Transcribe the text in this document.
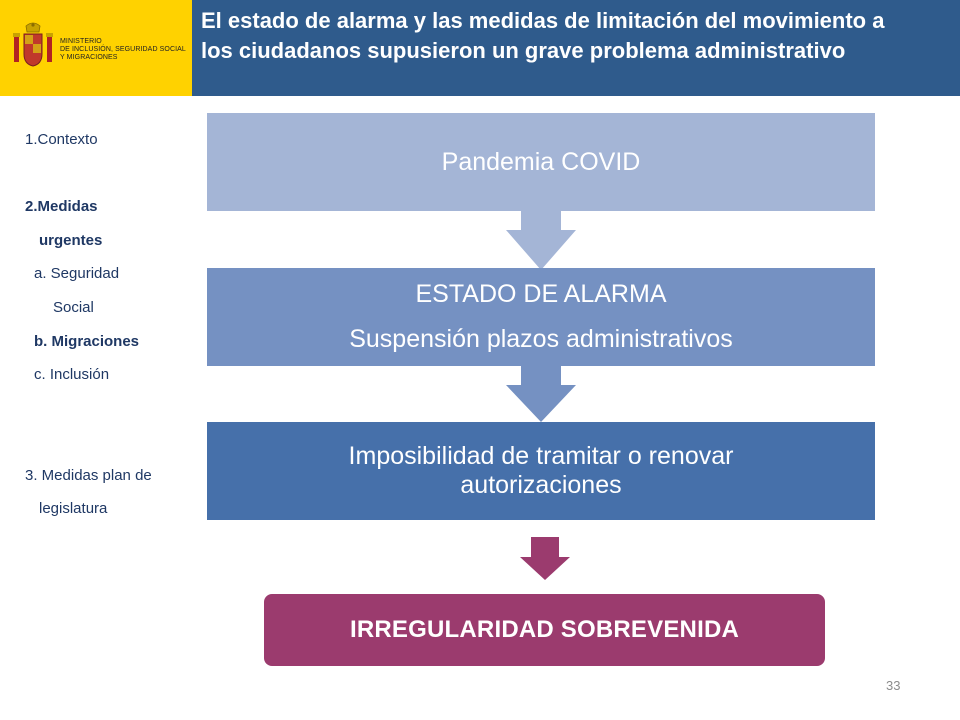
MINISTERIO
DE INCLUSIÓN, SEGURIDAD SOCIAL
Y MIGRACIONES
El estado de alarma y las medidas de limitación del movimiento a
los ciudadanos supusieron un grave problema administrativo
1.Contexto
2.Medidas
urgentes
a. Seguridad
Social
b. Migraciones
c. Inclusión
3. Medidas plan de
legislatura
Pandemia COVID
ESTADO DE ALARMA
Suspensión plazos administrativos
Imposibilidad de tramitar o renovar
autorizaciones
IRREGULARIDAD SOBREVENIDA
33
